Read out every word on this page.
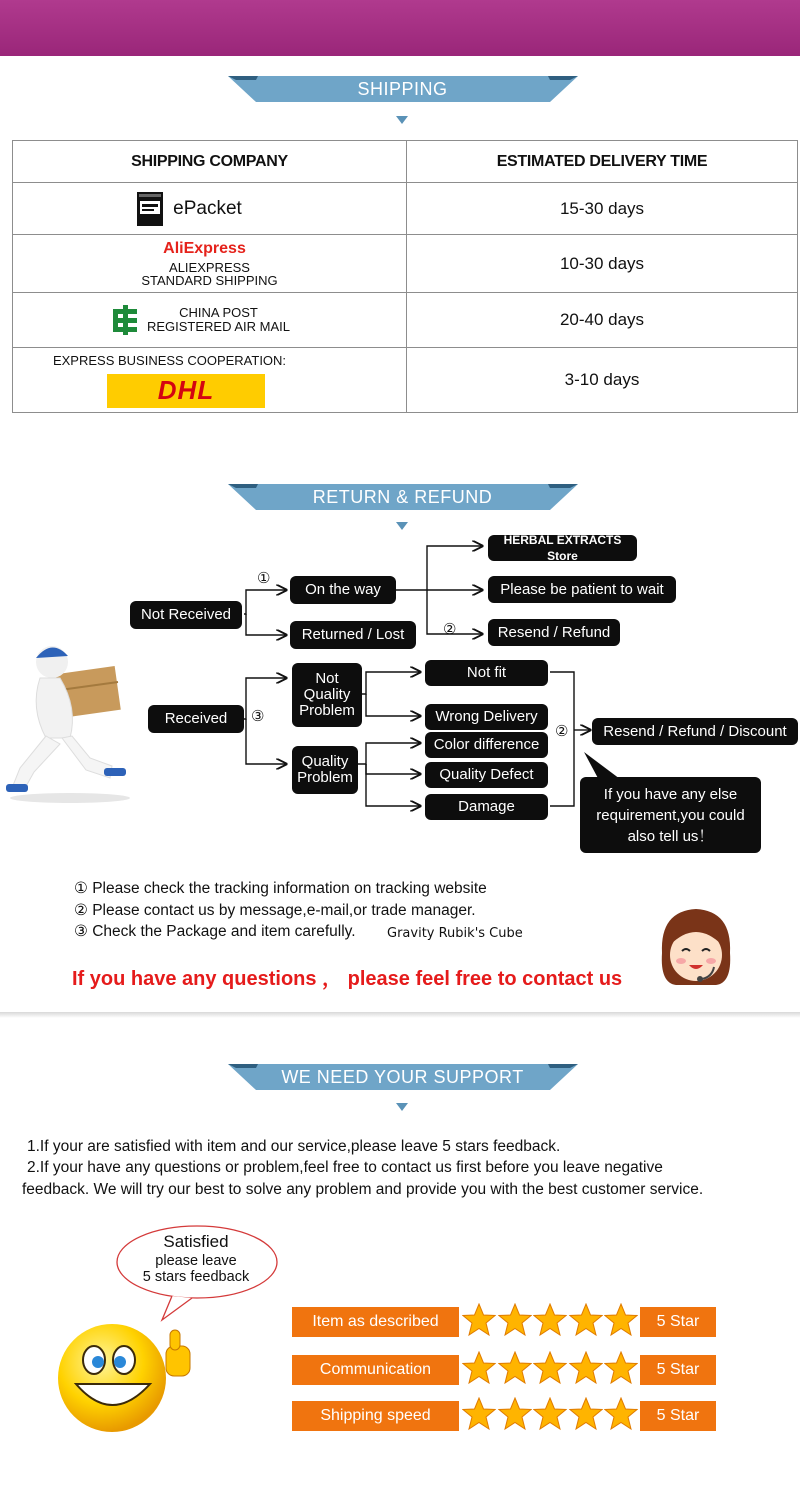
SHIPPING
SHIPPING COMPANY	ESTIMATED DELIVERY TIME

ePacket	15-30 days

AliExpress
ALIEXPRESS
STANDARD SHIPPING	10-30 days

CHINA POST
REGISTERED AIR MAIL	20-40 days

EXPRESS BUSINESS COOPERATION:
DHL	3-10 days
RETURN & REFUND
Not Received
①
On the way
Returned / Lost
HERBAL EXTRACTS Store
Please be patient to wait
②	Resend / Refund
Received	③
Not Quality Problem
Quality Problem
Not fit
Wrong Delivery
Color difference
Quality Defect
Damage
②	Resend / Refund / Discount
If you have any else requirement,you could also tell us！
① Please check the tracking information on tracking website
② Please contact us by message,e-mail,or trade manager.
③ Check the Package and item carefully. Gravity Rubik's Cube
If you have any questions ， please feel free to contact us
WE NEED YOUR SUPPORT
1.If your are satisfied with item and our service,please leave 5 stars feedback.
2.If your have any questions or problem,feel free to contact us first before you leave negative
feedback. We will try our best to solve any problem and provide you with the best customer service.
Satisfied
please leave
5 stars feedback
Item as described	5 Star
Communication	5 Star
Shipping speed	5 Star
